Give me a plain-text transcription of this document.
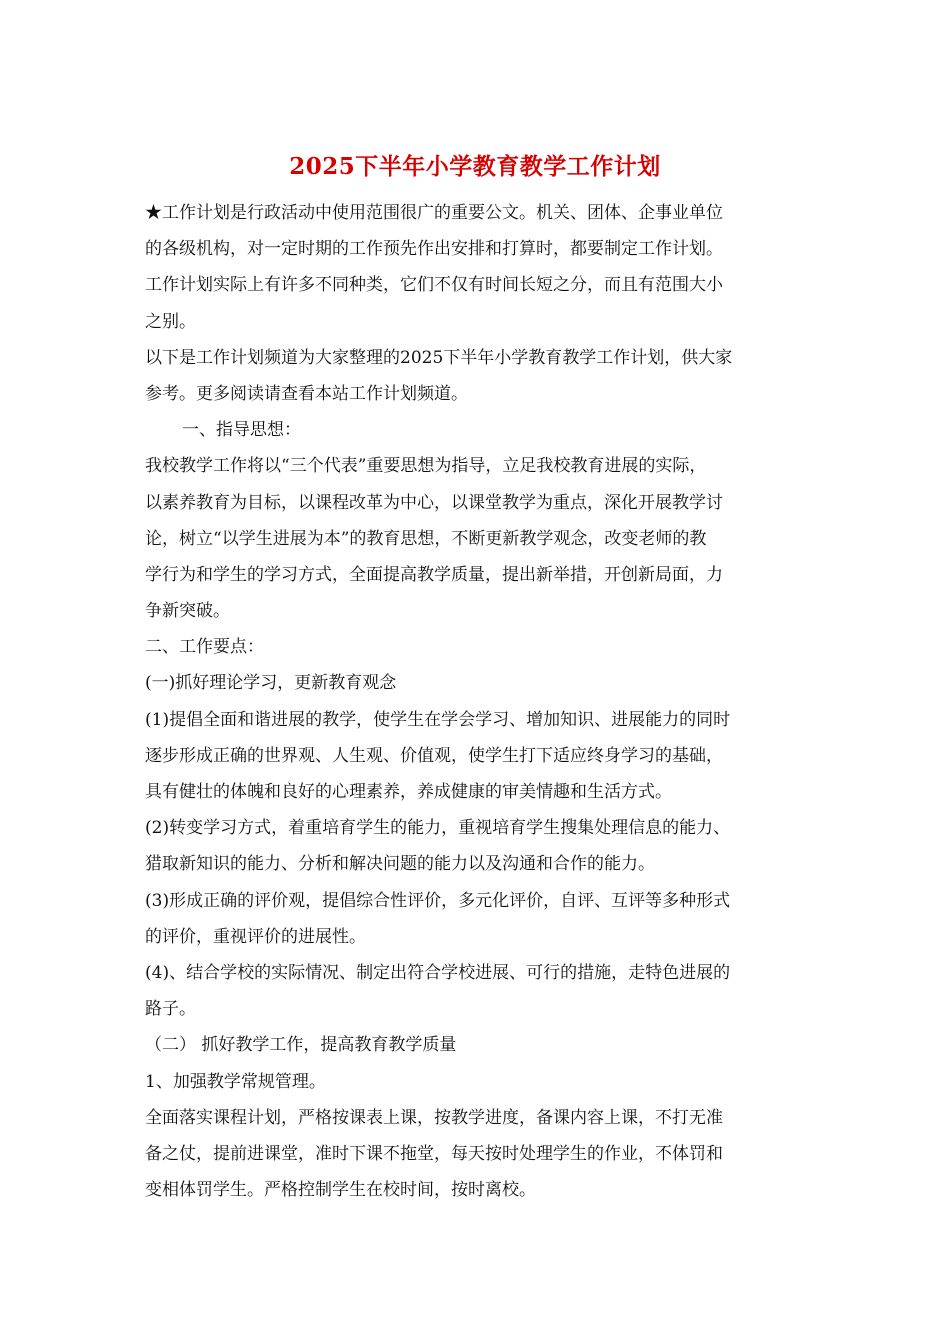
2025下半年小学教育教学工作计划
★工作计划是行政活动中使用范围很广的重要公文。机关、团体、企事业单位
的各级机构，对一定时期的工作预先作出安排和打算时，都要制定工作计划。
工作计划实际上有许多不同种类，它们不仅有时间长短之分，而且有范围大小
之别。
以下是工作计划频道为大家整理的2025下半年小学教育教学工作计划，供大家
参考。更多阅读请查看本站工作计划频道。
一、指导思想：
我校教学工作将以“三个代表”重要思想为指导，立足我校教育进展的实际，
以素养教育为目标，以课程改革为中心，以课堂教学为重点，深化开展教学讨
论，树立“以学生进展为本”的教育思想，不断更新教学观念，改变老师的教
学行为和学生的学习方式，全面提高教学质量，提出新举措，开创新局面，力
争新突破。
二、工作要点：
(一)抓好理论学习，更新教育观念
(1)提倡全面和谐进展的教学，使学生在学会学习、增加知识、进展能力的同时
逐步形成正确的世界观、人生观、价值观，使学生打下适应终身学习的基础，
具有健壮的体魄和良好的心理素养，养成健康的审美情趣和生活方式。
(2)转变学习方式，着重培育学生的能力，重视培育学生搜集处理信息的能力、
猎取新知识的能力、分析和解决问题的能力以及沟通和合作的能力。
(3)形成正确的评价观，提倡综合性评价，多元化评价，自评、互评等多种形式
的评价，重视评价的进展性。
(4)、结合学校的实际情况、制定出符合学校进展、可行的措施，走特色进展的
路子。
（二） 抓好教学工作，提高教育教学质量
1、加强教学常规管理。
全面落实课程计划，严格按课表上课，按教学进度，备课内容上课，不打无准
备之仗，提前进课堂，准时下课不拖堂，每天按时处理学生的作业，不体罚和
变相体罚学生。严格控制学生在校时间，按时离校。
